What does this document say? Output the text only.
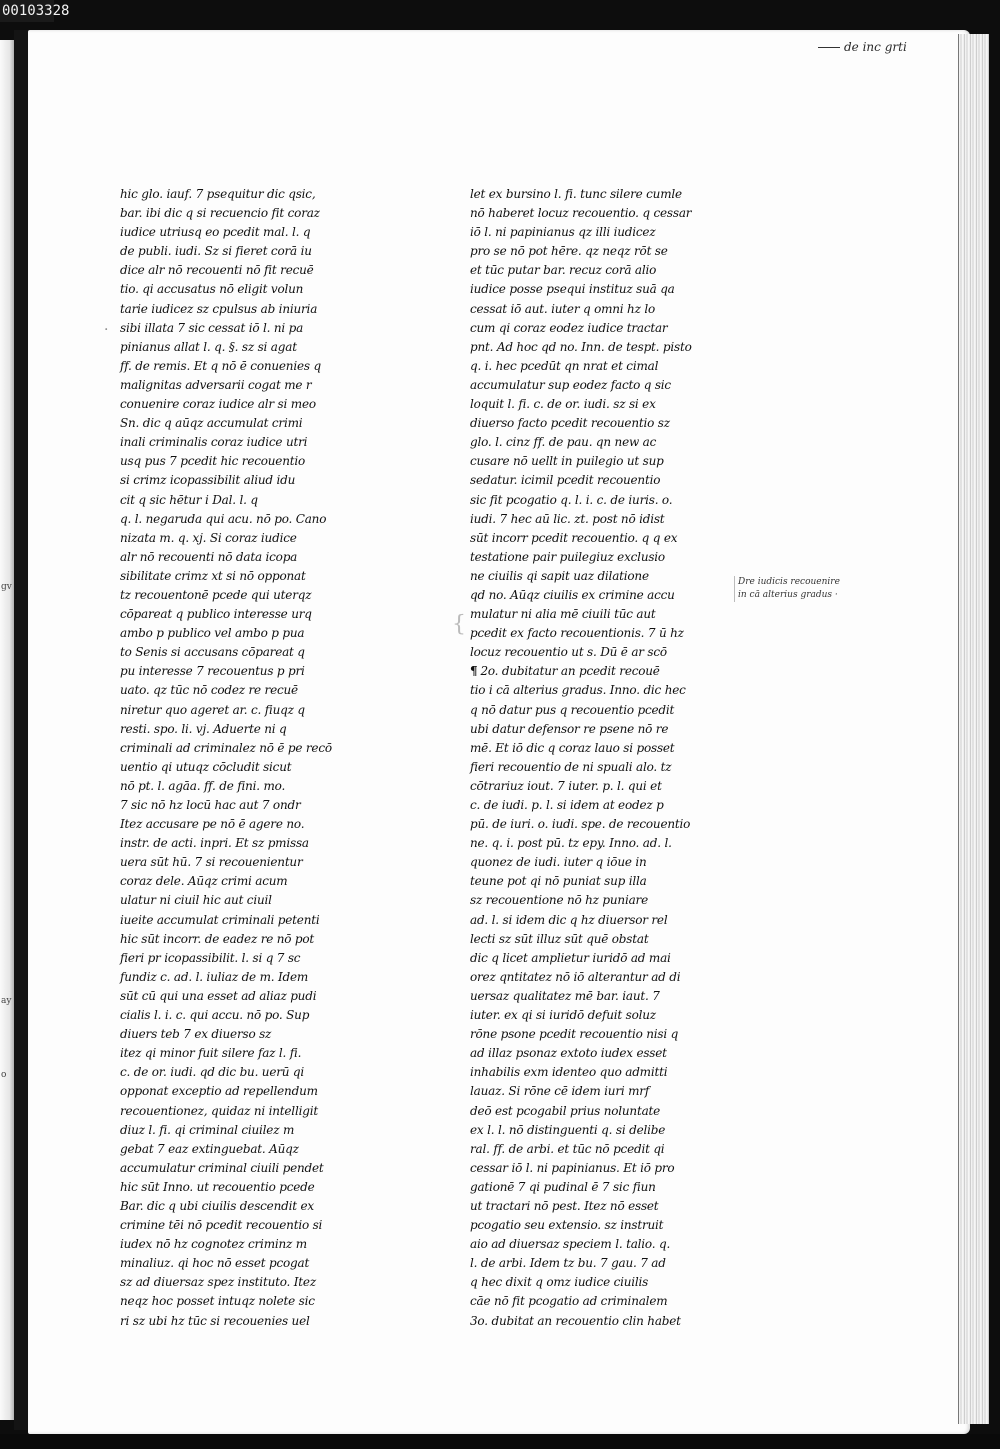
00103328
gv
ay
o
de inc grti
hic glo. iauf. 7 psequitur dic qsic,
bar. ibi dic q si recuencio fit coraz
iudice utriusq eo pcedit mal. l. q
de publi. iudi. Sz si fieret corā iu
dice alr nō recouenti nō fit recuē
tio. qi accusatus nō eligit volun
tarie iudicez sz cpulsus ab iniuria
sibi illata 7 sic cessat iō l. ni pa
pinianus allat l. q. §. sz si agat
ff. de remis. Et q nō ē conuenies q
malignitas adversarii cogat me r
conuenire coraz iudice alr si meo
Sn. dic q aūqz accumulat crimi
inali criminalis coraz iudice utri
usq pus 7 pcedit hic recouentio
si crimz icopassibilit aliud idu
cit q sic hētur i Dal. l. q
q. l. negaruda qui acu. nō po. Cano
nizata m. q. xj. Si coraz iudice
alr nō recouenti nō data icopa
sibilitate crimz xt si nō opponat
tz recouentonē pcede qui uterqz
cōpareat q publico interesse urq
ambo p publico vel ambo p pua
to Senis si accusans cōpareat q
pu interesse 7 recouentus p pri
uato. qz tūc nō codez re recuē
niretur quo ageret ar. c. fiuqz q
resti. spo. li. vj. Aduerte ni q
criminali ad criminalez nō ē pe recō
uentio qi utuqz cōcludit sicut
nō pt. l. agāa. ff. de fini. mo.
7 sic nō hz locū hac aut 7 ondr
Itez accusare pe nō ē agere no.
instr. de acti. inpri. Et sz pmissa
uera sūt hū. 7 si recouenientur
coraz dele. Aūqz crimi acum
ulatur ni ciuil hic aut ciuil
iueite accumulat criminali petenti
hic sūt incorr. de eadez re nō pot
fieri pr icopassibilit. l. si q 7 sc
fundiz c. ad. l. iuliaz de m. Idem
sūt cū qui una esset ad aliaz pudi
cialis l. i. c. qui accu. nō po. Sup
diuers teb 7 ex diuerso sz
itez qi minor fuit silere faz l. fi.
c. de or. iudi. qd dic bu. uerū qi
opponat exceptio ad repellendum
recouentionez, quidaz ni intelligit
diuz l. fi. qi criminal ciuilez m
gebat 7 eaz extinguebat. Aūqz
accumulatur criminal ciuili pendet
hic sūt Inno. ut recouentio pcede
Bar. dic q ubi ciuilis descendit ex
crimine tēi nō pcedit recouentio si
iudex nō hz cognotez criminz m
minaliuz. qi hoc nō esset pcogat
sz ad diuersaz spez instituto. Itez
neqz hoc posset intuqz nolete sic
ri sz ubi hz tūc si recouenies uel
let ex bursino l. fi. tunc silere cumle
nō haberet locuz recouentio. q cessar
iō l. ni papinianus qz illi iudicez
pro se nō pot hēre. qz neqz rōt se
et tūc putar bar. recuz corā alio
iudice posse psequi instituz suā qa
cessat iō aut. iuter q omni hz lo
cum qi coraz eodez iudice tractar
pnt. Ad hoc qd no. Inn. de tespt. pisto
q. i. hec pcedūt qn nrat et cimal
accumulatur sup eodez facto q sic
loquit l. fi. c. de or. iudi. sz si ex
diuerso facto pcedit recouentio sz
glo. l. cinz ff. de pau. qn new ac
cusare nō uellt in puilegio ut sup
sedatur. icimil pcedit recouentio
sic fit pcogatio q. l. i. c. de iuris. o.
iudi. 7 hec aū lic. zt. post nō idist
sūt incorr pcedit recouentio. q q ex
testatione pair puilegiuz exclusio
ne ciuilis qi sapit uaz dilatione
qd no. Aūqz ciuilis ex crimine accu
mulatur ni alia mē ciuili tūc aut
pcedit ex facto recouentionis. 7 ū hz
locuz recouentio ut s. Dū ē ar scō
¶ 2o. dubitatur an pcedit recouē
tio i cā alterius gradus. Inno. dic hec
q nō datur pus q recouentio pcedit
ubi datur defensor re psene nō re
mē. Et iō dic q coraz lauo si posset
fieri recouentio de ni spuali alo. tz
cōtrariuz iout. 7 iuter. p. l. qui et
c. de iudi. p. l. si idem at eodez p
pū. de iuri. o. iudi. spe. de recouentio
ne. q. i. post pū. tz epy. Inno. ad. l.
quonez de iudi. iuter q iōue in
teune pot qi nō puniat sup illa
sz recouentione nō hz puniare
ad. l. si idem dic q hz diuersor rel
lecti sz sūt illuz sūt quē obstat
dic q licet amplietur iuridō ad mai
orez qntitatez nō iō alterantur ad di
uersaz qualitatez mē bar. iaut. 7
iuter. ex qi si iuridō defuit soluz
rōne psone pcedit recouentio nisi q
ad illaz psonaz extoto iudex esset
inhabilis exm identeo quo admitti
lauaz. Si rōne cē idem iuri mrf
deō est pcogabil prius noluntate
ex l. l. nō distinguenti q. si delibe
ral. ff. de arbi. et tūc nō pcedit qi
cessar iō l. ni papinianus. Et iō pro
gationē 7 qi pudinal ē 7 sic fiun
ut tractari nō pest. Itez nō esset
pcogatio seu extensio. sz instruit
aio ad diuersaz speciem l. talio. q.
l. de arbi. Idem tz bu. 7 gau. 7 ad
q hec dixit q omz iudice ciuilis
cāe nō fit pcogatio ad criminalem
3o. dubitat an recouentio clin habet
Dre iudicis recouenire
in cā alterius gradus ·
·
{
